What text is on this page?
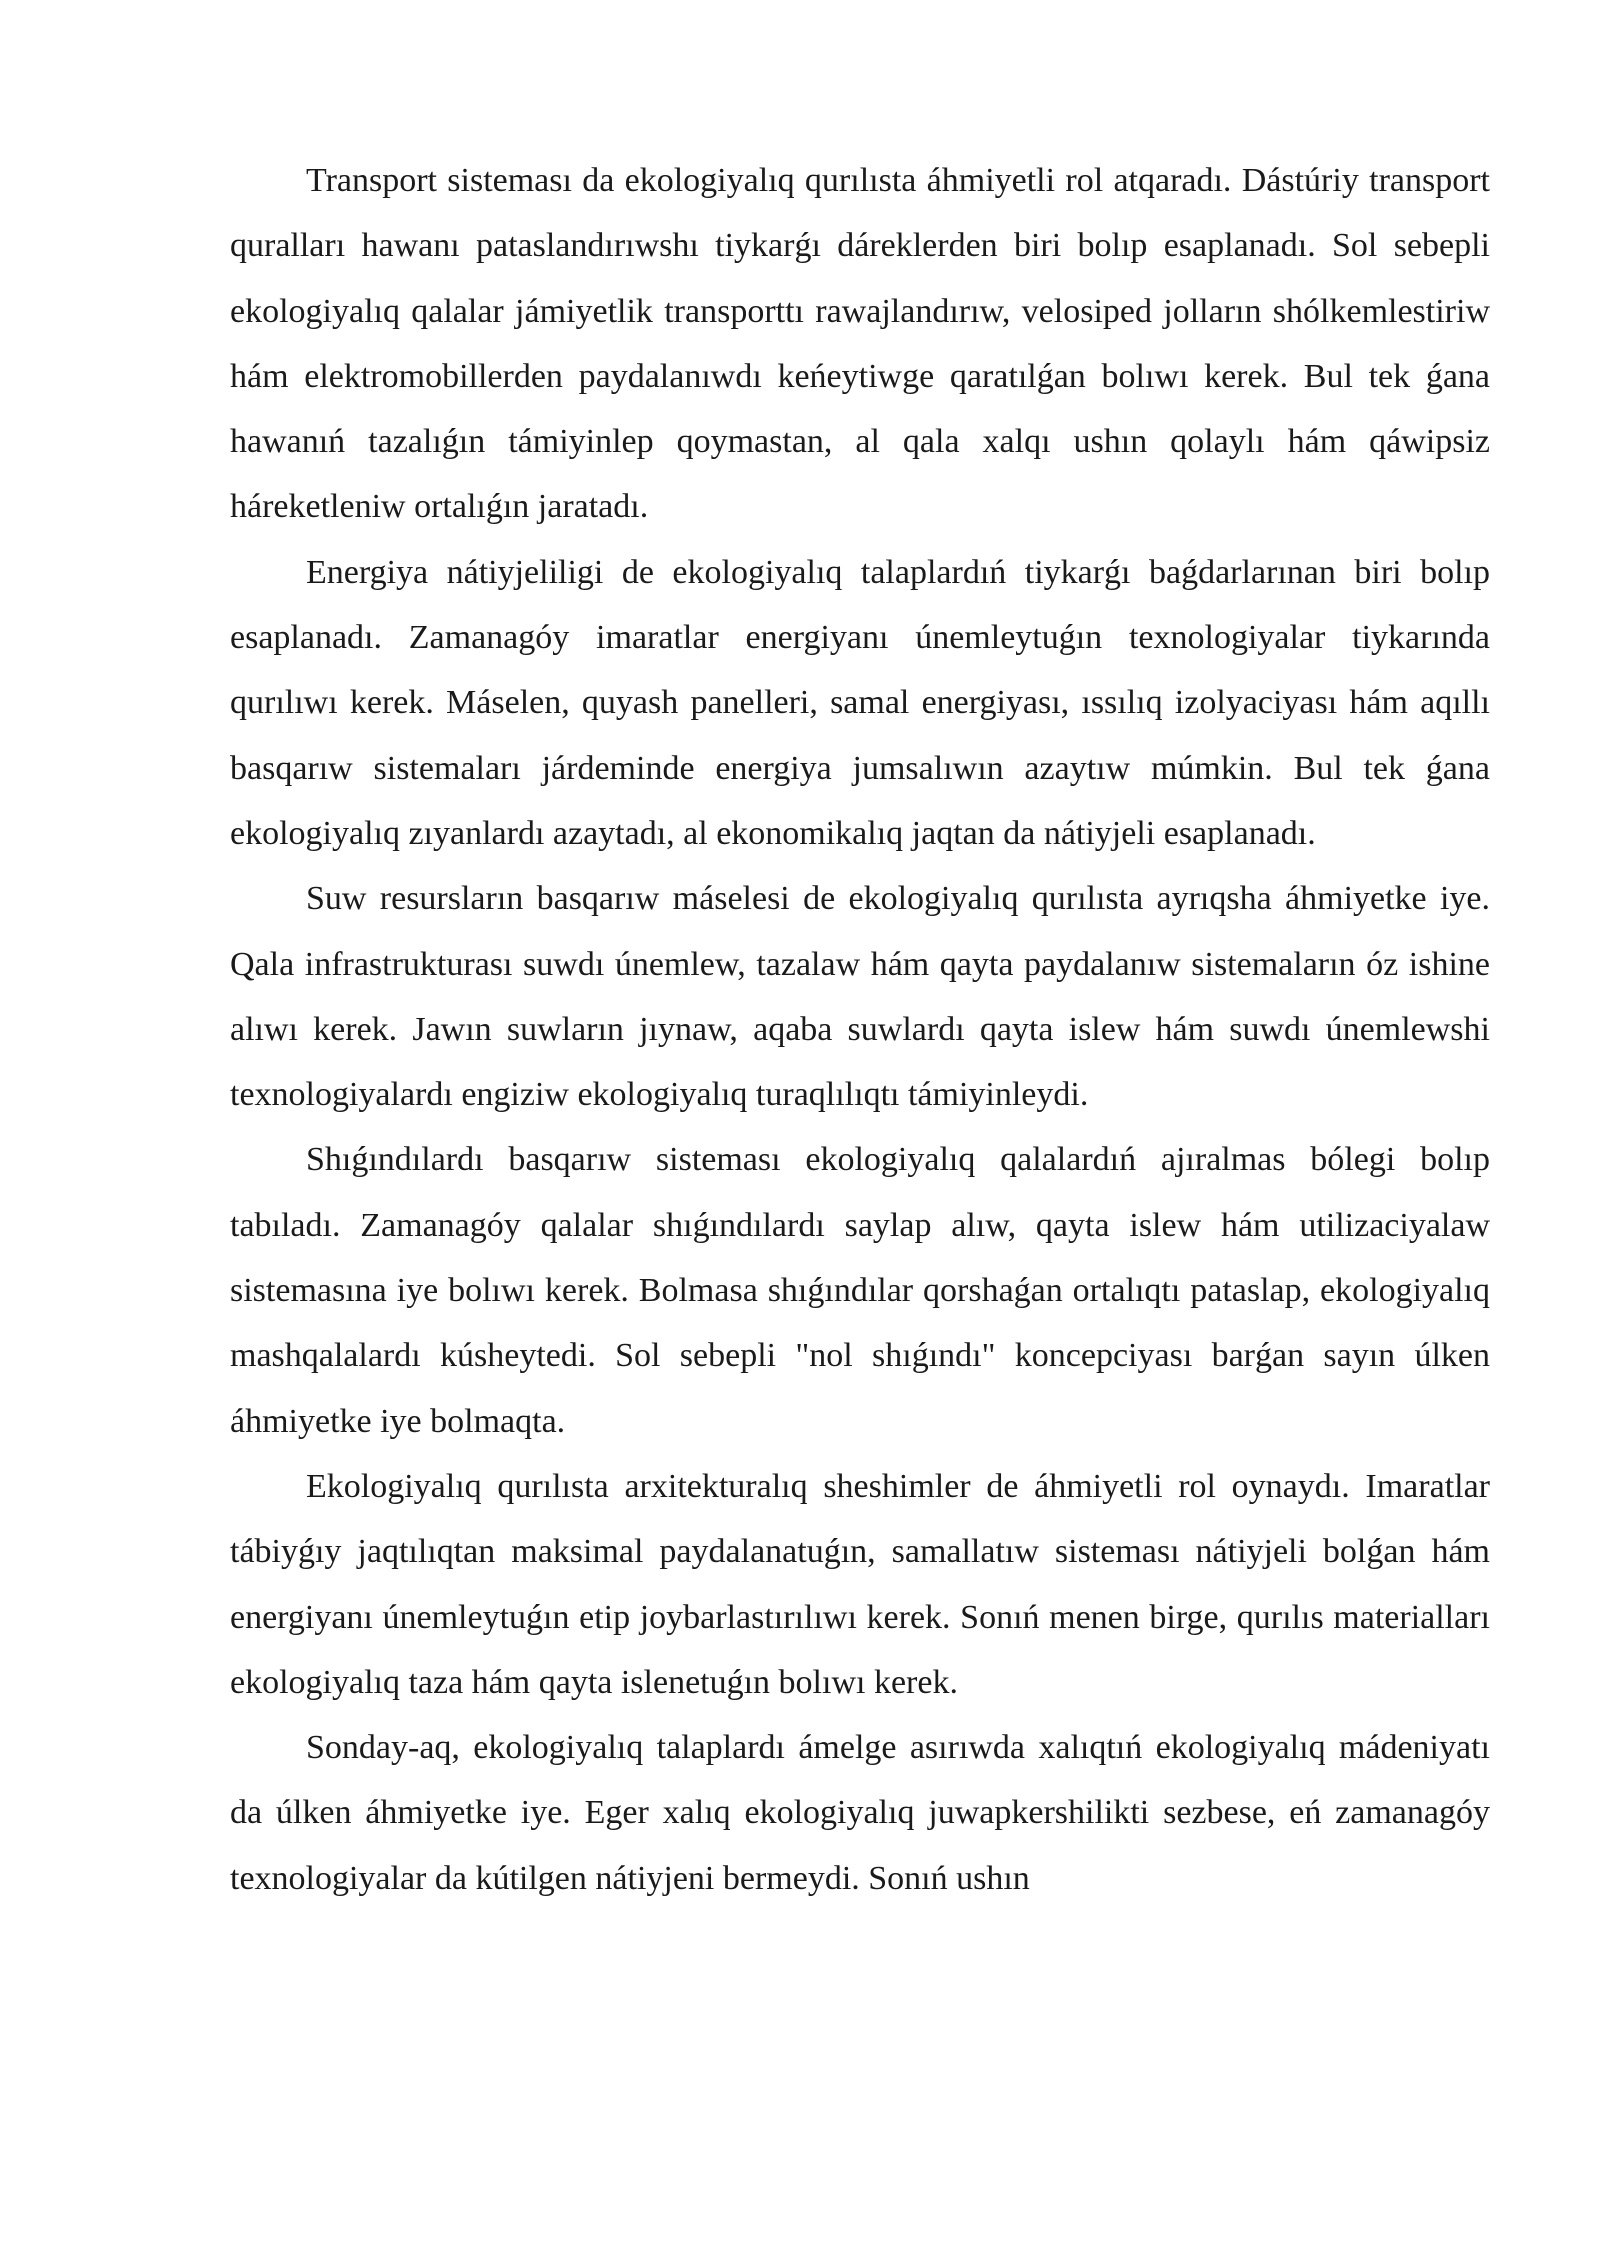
Transport sisteması da ekologiyalıq qurılısta áhmiyetli rol atqaradı. Dástúriy transport quralları hawanı pataslandırıwshı tiykarǵı dáreklerden biri bolıp esaplanadı. Sol sebepli ekologiyalıq qalalar jámiyetlik transporttı rawajlandırıw, velosiped jolların shólkemlestiriw hám elektromobillerden paydalanıwdı keńeytiwge qaratılǵan bolıwı kerek. Bul tek ǵana hawanıń tazalıǵın támiyinlep qoymastan, al qala xalqı ushın qolaylı hám qáwipsiz háreketleniw ortalıǵın jaratadı.

Energiya nátiyjeliligi de ekologiyalıq talaplardıń tiykarǵı baǵdarlarınan biri bolıp esaplanadı. Zamanagóy imaratlar energiyanı únemleytuǵın texnologiyalar tiykarında qurılıwı kerek. Máselen, quyash panelleri, samal energiyası, ıssılıq izolyaciyası hám aqıllı basqarıw sistemaları járdeminde energiya jumsalıwın azaytıw múmkin. Bul tek ǵana ekologiyalıq zıyanlardı azaytadı, al ekonomikalıq jaqtan da nátiyjeli esaplanadı.

Suw resursların basqarıw máselesi de ekologiyalıq qurılısta ayrıqsha áhmiyetke iye. Qala infrastrukturası suwdı únemlew, tazalaw hám qayta paydalanıw sistemaların óz ishine alıwı kerek. Jawın suwların jıynaw, aqaba suwlardı qayta islew hám suwdı únemlewshi texnologiyalardı engiziw ekologiyalıq turaqlılıqtı támiyinleydi.

Shıǵındılardı basqarıw sisteması ekologiyalıq qalalardıń ajıralmas bólegi bolıp tabıladı. Zamanagóy qalalar shıǵındılardı saylap alıw, qayta islew hám utilizaciyalaw sistemasına iye bolıwı kerek. Bolmasa shıǵındılar qorshaǵan ortalıqtı pataslap, ekologiyalıq mashqalalardı kúsheytedi. Sol sebepli "nol shıǵındı" koncepciyası barǵan sayın úlken áhmiyetke iye bolmaqta.

Ekologiyalıq qurılısta arxitekturalıq sheshimler de áhmiyetli rol oynaydı. Imaratlar tábiyǵıy jaqtılıqtan maksimal paydalanatuǵın, samallatıw sisteması nátiyjeli bolǵan hám energiyanı únemleytuǵın etip joybarlastırılıwı kerek. Sonıń menen birge, qurılıs materialları ekologiyalıq taza hám qayta islenetuǵın bolıwı kerek.

Sonday-aq, ekologiyalıq talaplardı ámelge asırıwda xalıqtıń ekologiyalıq mádeniyatı da úlken áhmiyetke iye. Eger xalıq ekologiyalıq juwapkershilikti sezbese, eń zamanagóy texnologiyalar da kútilgen nátiyjeni bermeydi. Sonıń ushın
